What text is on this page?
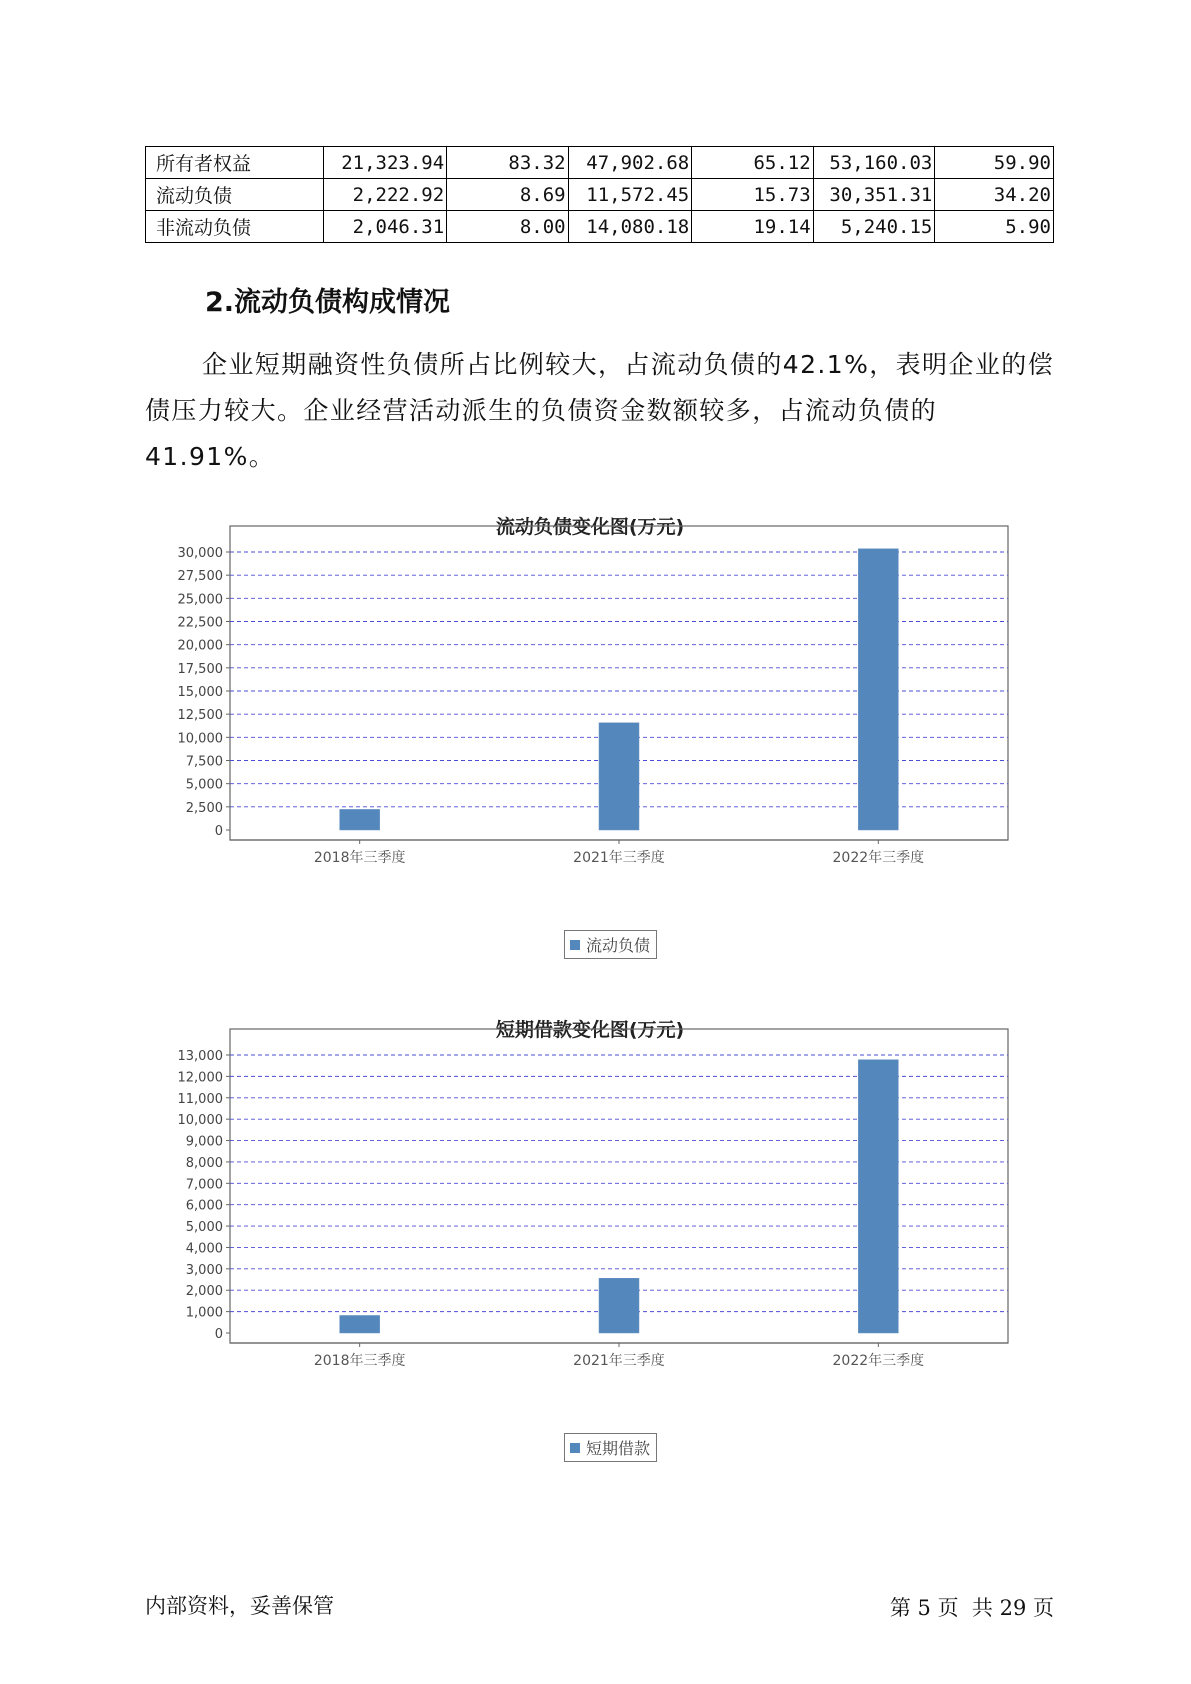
所有者权益	21,323.94	83.32	47,902.68	65.12	53,160.03	59.90
流动负债	2,222.92	8.69	11,572.45	15.73	30,351.31	34.20
非流动负债	2,046.31	8.00	14,080.18	19.14	5,240.15	5.90
2.流动负债构成情况

企业短期融资性负债所占比例较大，占流动负债的42.1%，表明企业的偿债压力较大。企业经营活动派生的负债资金数额较多，占流动负债的41.91%。

流动负债变化图(万元)
0
2,500
5,000
7,500
10,000
12,500
15,000
17,500
20,000
22,500
25,000
27,500
30,000
2018年三季度	2021年三季度	2022年三季度
流动负债
短期借款变化图(万元)
0
1,000
2,000
3,000
4,000
5,000
6,000
7,000
8,000
9,000
10,000
11,000
12,000
13,000
2018年三季度	2021年三季度	2022年三季度
短期借款
内部资料，妥善保管	第 5 页  共 29 页
